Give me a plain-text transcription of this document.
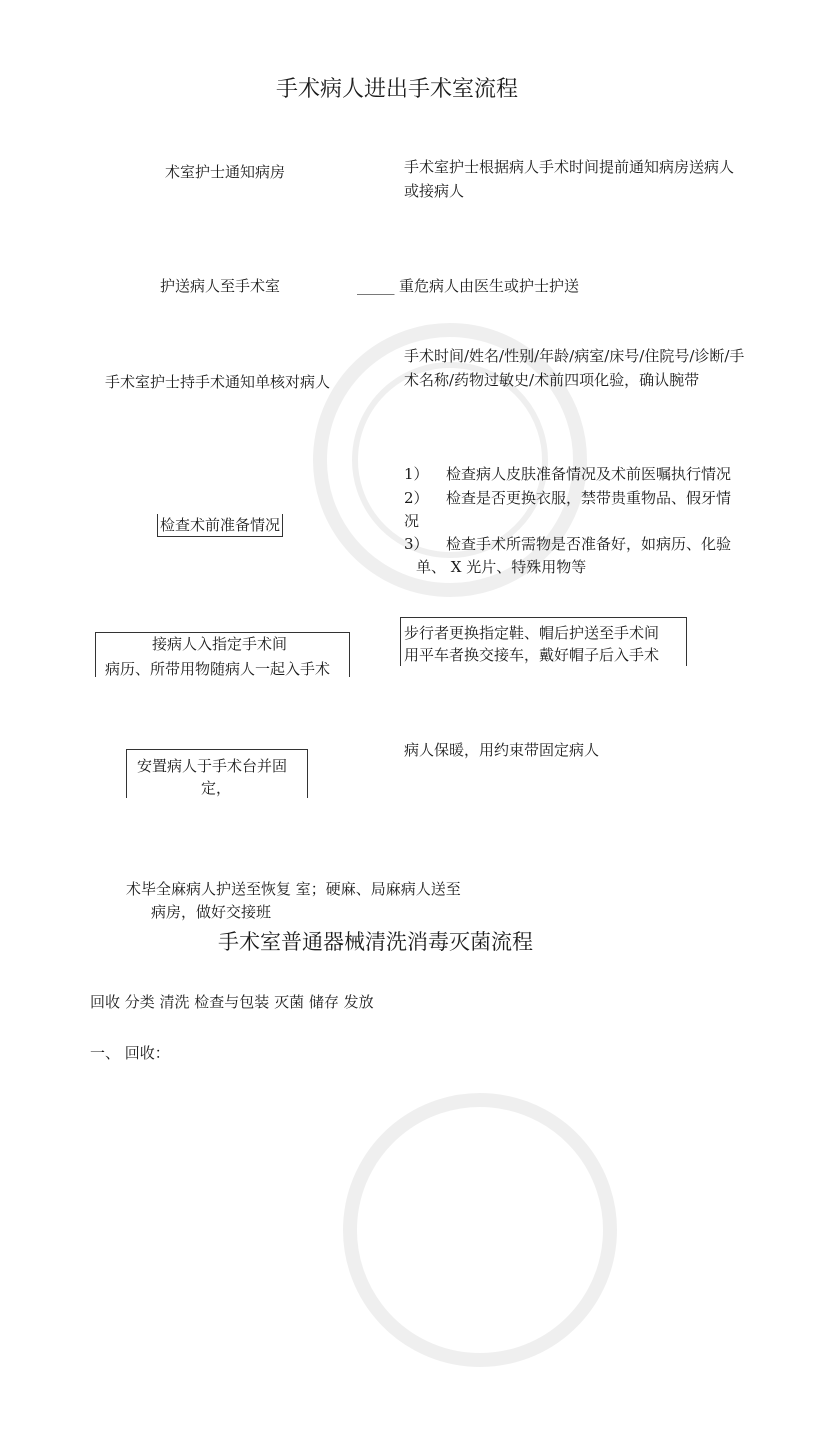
手术病人进出手术室流程
术室护士通知病房	手术室护士根据病人手术时间提前通知病房送病人
或接病人
护送病人至手术室	_____ 重危病人由医生或护士护送
手术室护士持手术通知单核对病人
手术时间/姓名/性别/年龄/病室/床号/住院号/诊断/手
术名称/药物过敏史/术前四项化验，确认腕带
检查术前准备情况
1） 检查病人皮肤准备情况及术前医嘱执行情况
2） 检查是否更换衣服，禁带贵重物品、假牙情
况
3） 检查手术所需物是否准备好，如病历、化验
单、 X 光片、特殊用物等
接病人入指定手术间
病历、所带用物随病人一起入手术
步行者更换指定鞋、帽后护送至手术间
用平车者换交接车，戴好帽子后入手术
安置病人于手术台并固
定，
病人保暖，用约束带固定病人
术毕全麻病人护送至恢复 室；硬麻、局麻病人送至
病房，做好交接班
手术室普通器械清洗消毒灭菌流程
回收 分类 清洗 检查与包装 灭菌 储存 发放
一、 回收：
